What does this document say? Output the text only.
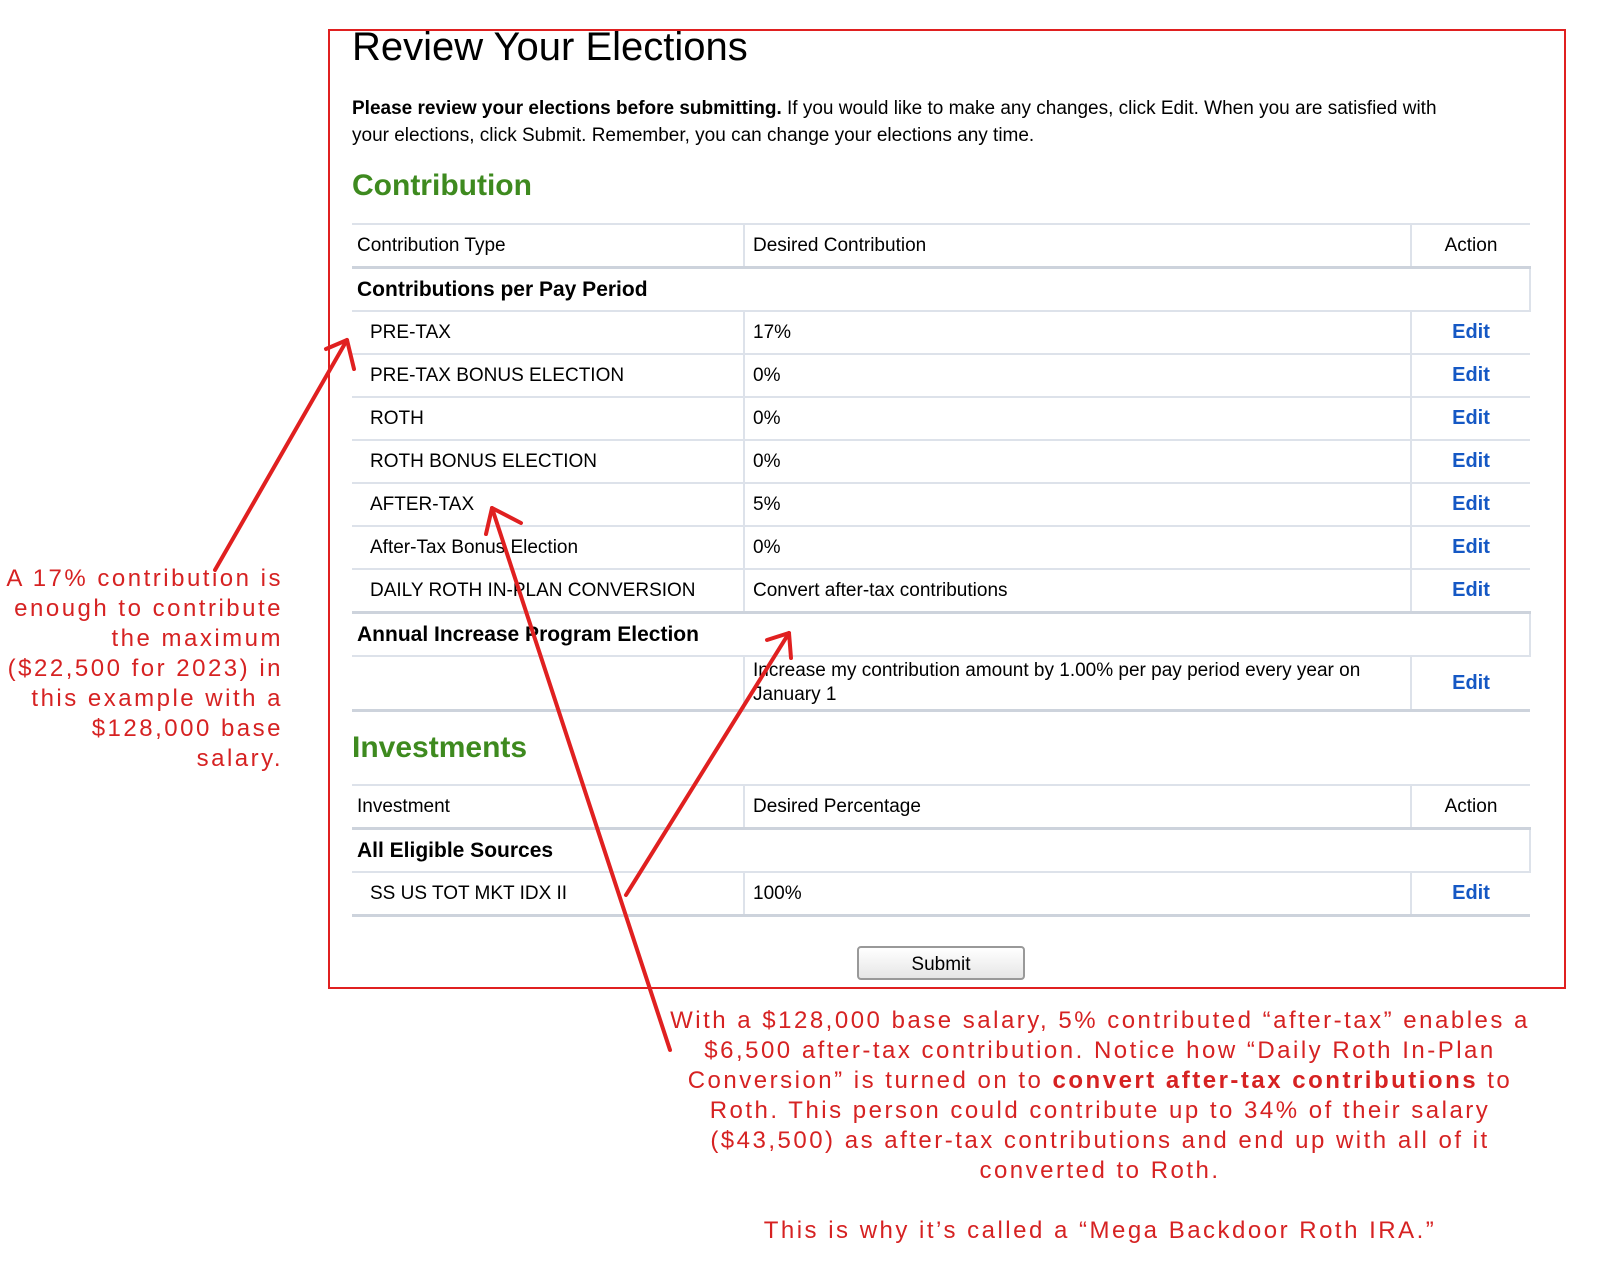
Review Your Elections
Please review your elections before submitting. If you would like to make any changes, click Edit. When you are satisfied with your elections, click Submit. Remember, you can change your elections any time.
Contribution
Contribution Type	Desired Contribution	Action
Contributions per Pay Period		
PRE-TAX	17%	Edit
PRE-TAX BONUS ELECTION	0%	Edit
ROTH	0%	Edit
ROTH BONUS ELECTION	0%	Edit
AFTER-TAX	5%	Edit
After-Tax Bonus Election	0%	Edit
DAILY ROTH IN-PLAN CONVERSION	Convert after-tax contributions	Edit
Annual Increase Program Election		
	Increase my contribution amount by 1.00% per pay period every year on January 1	Edit
Investments
Investment	Desired Percentage	Action
All Eligible Sources		
SS US TOT MKT IDX II	100%	Edit
Submit
A 17% contribution is enough to contribute the maximum ($22,500 for 2023) in this example with a $128,000 base salary.
With a $128,000 base salary, 5% contributed “after-tax” enables a $6,500 after-tax contribution. Notice how “Daily Roth In-Plan Conversion” is turned on to convert after-tax contributions to Roth. This person could contribute up to 34% of their salary ($43,500) as after-tax contributions and end up with all of it converted to Roth.
This is why it’s called a “Mega Backdoor Roth IRA.”
